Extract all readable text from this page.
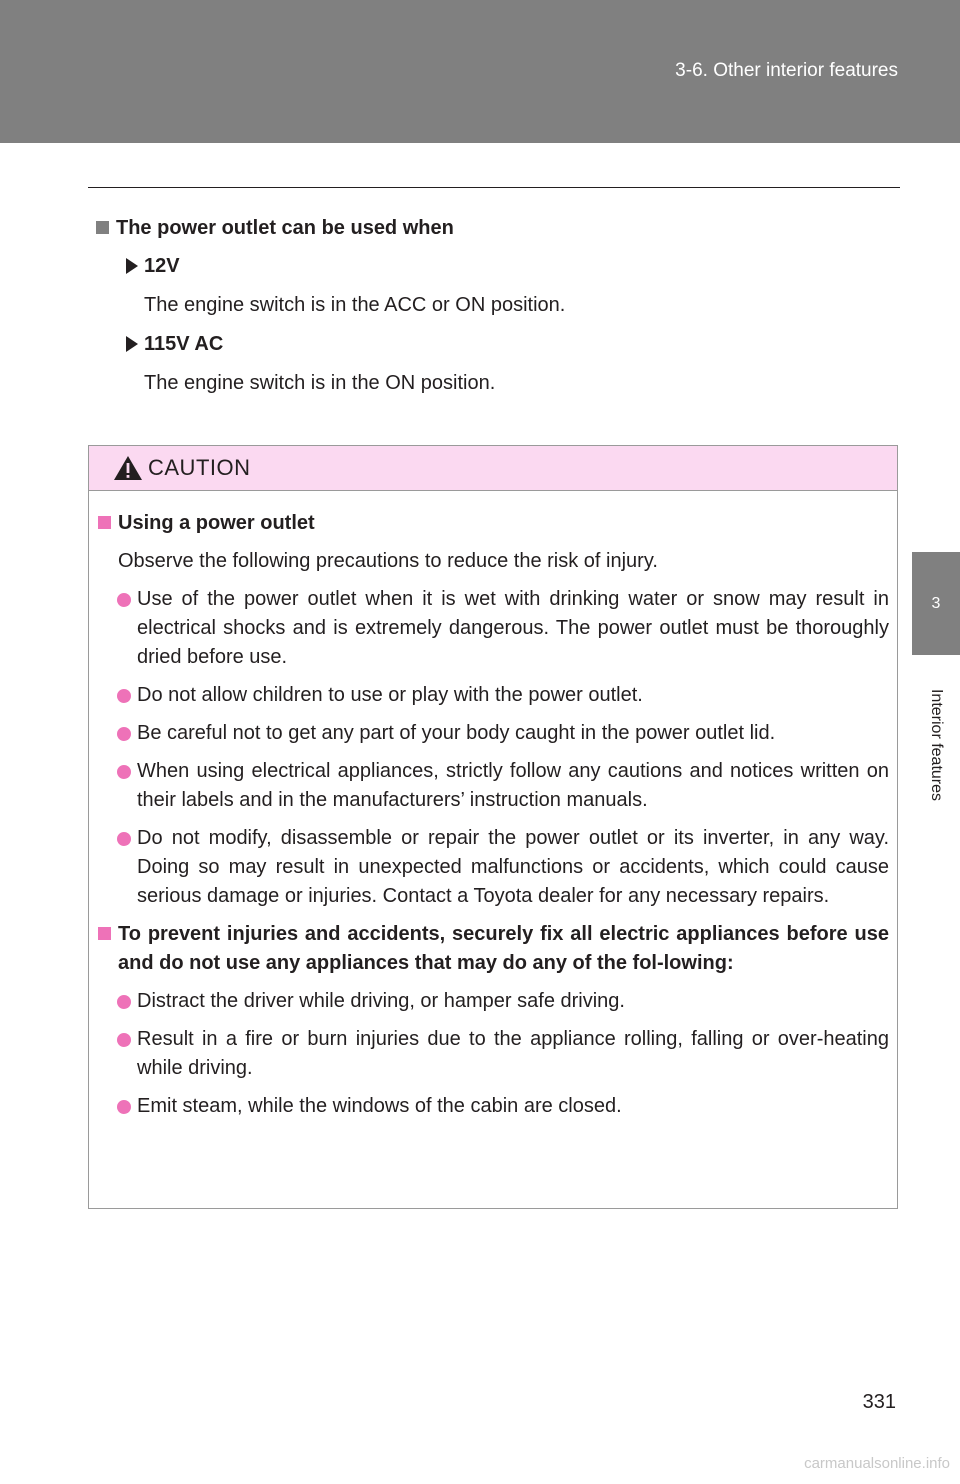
3-6. Other interior features
3
Interior features

The power outlet can be used when

12V

The engine switch is in the ACC or ON position.

115V AC

The engine switch is in the ON position.

CAUTION
Using a power outlet
Observe the following precautions to reduce the risk of injury.
Use of the power outlet when it is wet with drinking water or snow may result in electrical shocks and is extremely dangerous. The power outlet must be thoroughly dried before use.
Do not allow children to use or play with the power outlet.
Be careful not to get any part of your body caught in the power outlet lid.
When using electrical appliances, strictly follow any cautions and notices written on their labels and in the manufacturers’ instruction manuals.
Do not modify, disassemble or repair the power outlet or its inverter, in any way. Doing so may result in unexpected malfunctions or accidents, which could cause serious damage or injuries. Contact a Toyota dealer for any necessary repairs.
To prevent injuries and accidents, securely fix all electric appliances before use and do not use any appliances that may do any of the fol-lowing:
Distract the driver while driving, or hamper safe driving.
Result in a fire or burn injuries due to the appliance rolling, falling or over-heating while driving.
Emit steam, while the windows of the cabin are closed.
331
carmanualsonline.info
